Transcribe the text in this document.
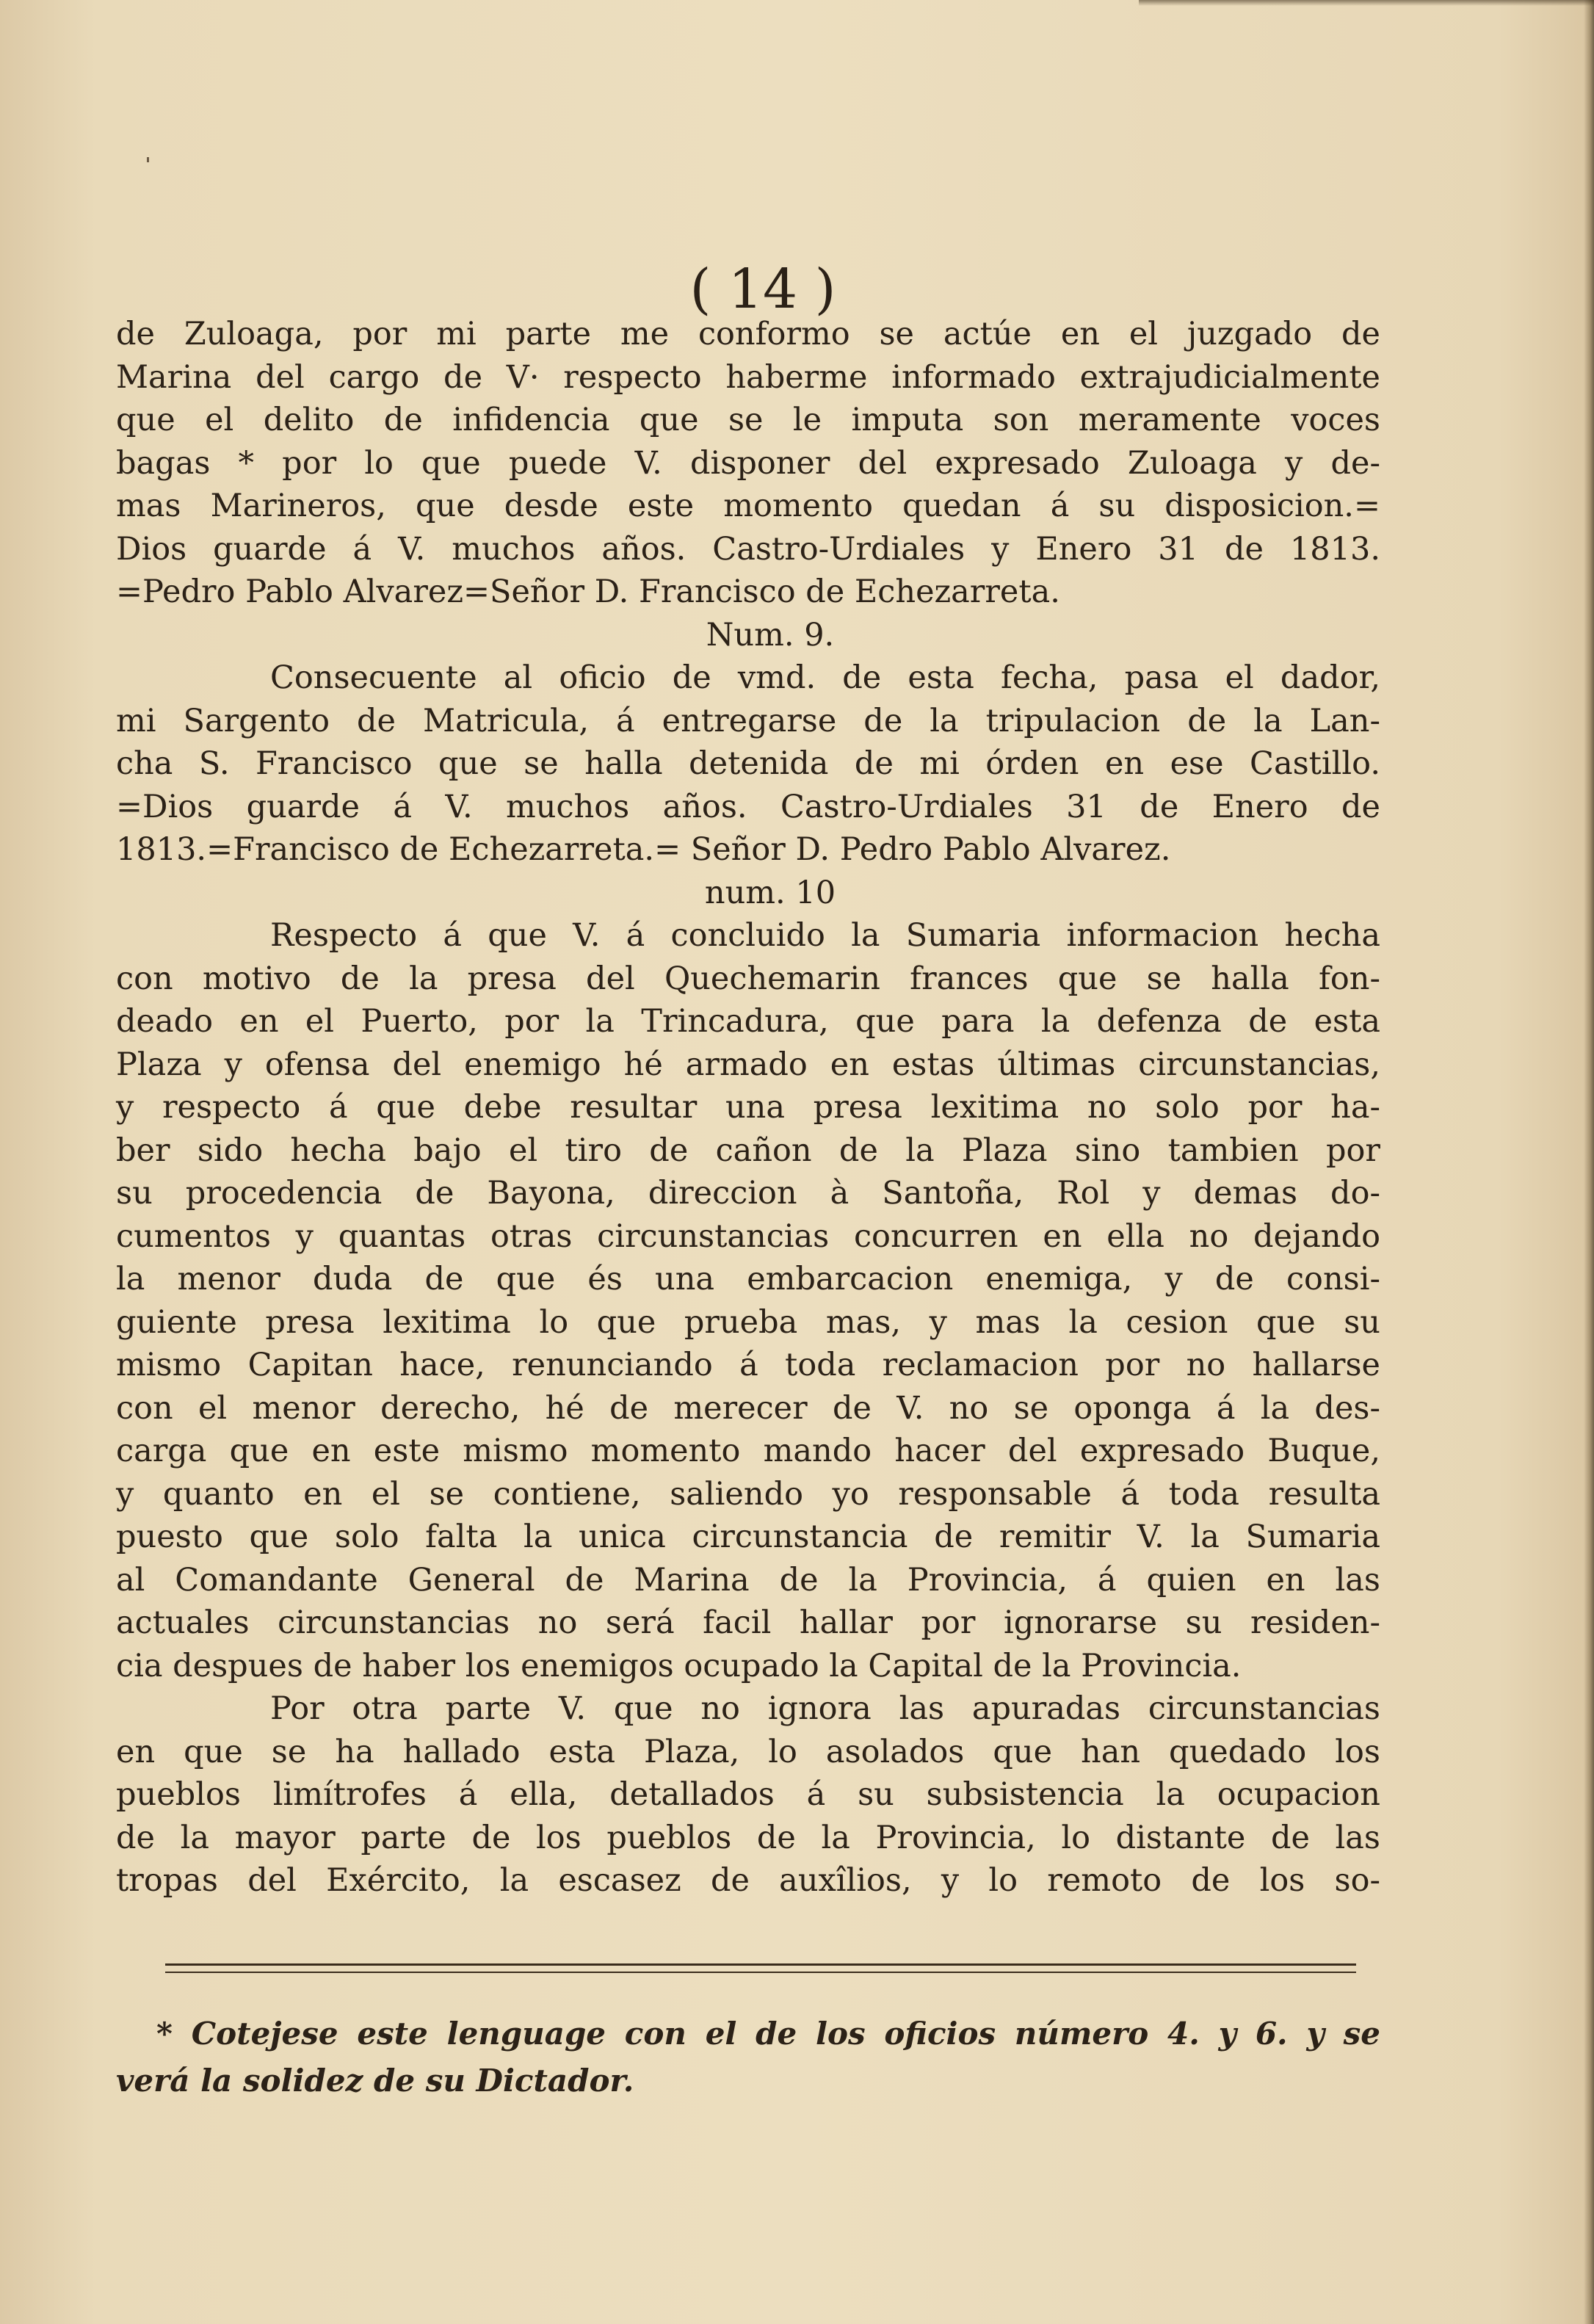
( 14 )
de Zuloaga, por mi parte me conformo se actúe en el juzgado de
Marina del cargo de V· respecto haberme informado extrajudicialmente
que el delito de infidencia que se le imputa son meramente voces
bagas * por lo que puede V. disponer del expresado Zuloaga y de-
mas Marineros, que desde este momento quedan á su disposicion.=
Dios guarde á V. muchos años. Castro-Urdiales y Enero 31 de 1813.
=Pedro Pablo Alvarez=Señor D. Francisco de Echezarreta.
Num. 9.
Consecuente al oficio de vmd. de esta fecha, pasa el dador,
mi Sargento de Matricula, á entregarse de la tripulacion de la Lan-
cha S. Francisco que se halla detenida de mi órden en ese Castillo.
=Dios guarde á V. muchos años. Castro-Urdiales 31 de Enero de
1813.=Francisco de Echezarreta.= Señor D. Pedro Pablo Alvarez.
num. 10
Respecto á que V. á concluido la Sumaria informacion hecha
con motivo de la presa del Quechemarin frances que se halla fon-
deado en el Puerto, por la Trincadura, que para la defenza de esta
Plaza y ofensa del enemigo hé armado en estas últimas circunstancias,
y respecto á que debe resultar una presa lexitima no solo por ha-
ber sido hecha bajo el tiro de cañon de la Plaza sino tambien por
su procedencia de Bayona, direccion à Santoña, Rol y demas do-
cumentos y quantas otras circunstancias concurren en ella no dejando
la menor duda de que és una embarcacion enemiga, y de consi-
guiente presa lexitima lo que prueba mas, y mas la cesion que su
mismo Capitan hace, renunciando á toda reclamacion por no hallarse
con el menor derecho, hé de merecer de V. no se oponga á la des-
carga que en este mismo momento mando hacer del expresado Buque,
y quanto en el se contiene, saliendo yo responsable á toda resulta
puesto que solo falta la unica circunstancia de remitir V. la Sumaria
al Comandante General de Marina de la Provincia, á quien en las
actuales circunstancias no será facil hallar por ignorarse su residen-
cia despues de haber los enemigos ocupado la Capital de la Provincia.
Por otra parte V. que no ignora las apuradas circunstancias
en que se ha hallado esta Plaza, lo asolados que han quedado los
pueblos limítrofes á ella, detallados á su subsistencia la ocupacion
de la mayor parte de los pueblos de la Provincia, lo distante de las
tropas del Exército, la escasez de auxîlios, y lo remoto de los so-
* Cotejese este lenguage con el de los oficios número 4. y 6. y se
verá la solidez de su Dictador.
